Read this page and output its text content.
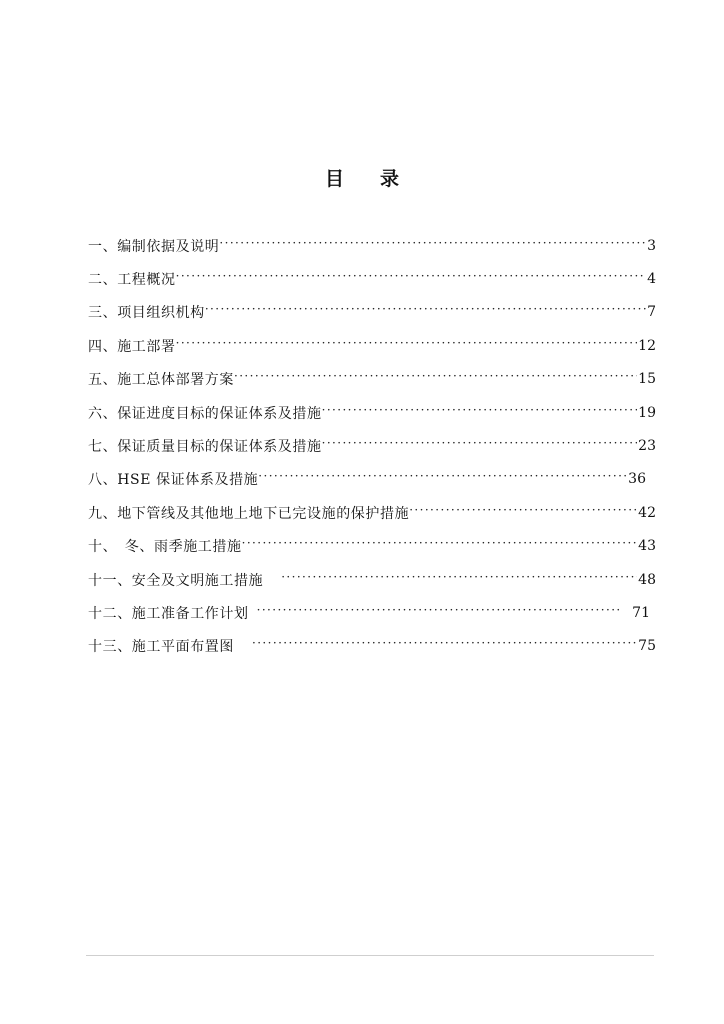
目 录
一、编制依据及说明 ·····	3
二、工程概况 ·····	4
三、项目组织机构 ·····	7
四、施工部署 ·····	12
五、施工总体部署方案 ·····	15
六、保证进度目标的保证体系及措施 ·····	19
七、保证质量目标的保证体系及措施 ·····	23
八、HSE 保证体系及措施 ·····	36
九、地下管线及其他地上地下已完设施的保护措施 ·····	42
十、　冬、雨季施工措施 ·····	43
十一、安全及文明施工措施 ·····	48
十二、施工准备工作计划 ·····	71
十三、施工平面布置图 ·····	75
